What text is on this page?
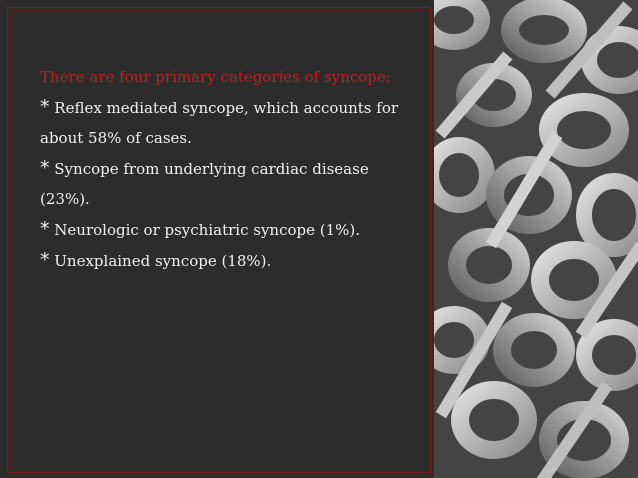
There are four primary categories of syncope:
* Reflex mediated syncope, which accounts for about 58% of cases.
* Syncope from underlying cardiac disease (23%).
* Neurologic or psychiatric syncope (1%).
* Unexplained syncope (18%).
